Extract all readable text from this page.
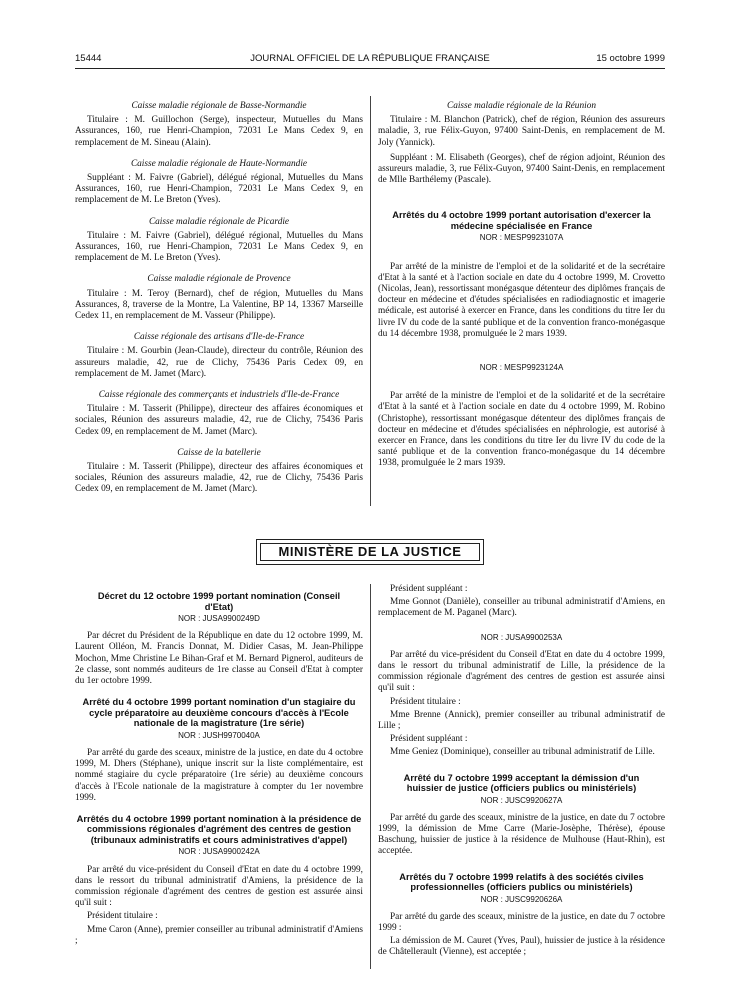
15444	JOURNAL OFFICIEL DE LA RÉPUBLIQUE FRANÇAISE	15 octobre 1999
Caisse maladie régionale de Basse-Normandie

Titulaire : M. Guillochon (Serge), inspecteur, Mutuelles du Mans Assurances, 160, rue Henri-Champion, 72031 Le Mans Cedex 9, en remplacement de M. Sineau (Alain).

Caisse maladie régionale de Haute-Normandie

Suppléant : M. Faivre (Gabriel), délégué régional, Mutuelles du Mans Assurances, 160, rue Henri-Champion, 72031 Le Mans Cedex 9, en remplacement de M. Le Breton (Yves).

Caisse maladie régionale de Picardie

Titulaire : M. Faivre (Gabriel), délégué régional, Mutuelles du Mans Assurances, 160, rue Henri-Champion, 72031 Le Mans Cedex 9, en remplacement de M. Le Breton (Yves).

Caisse maladie régionale de Provence

Titulaire : M. Teroy (Bernard), chef de région, Mutuelles du Mans Assurances, 8, traverse de la Montre, La Valentine, BP 14, 13367 Marseille Cedex 11, en remplacement de M. Vasseur (Philippe).

Caisse régionale des artisans d'Ile-de-France

Titulaire : M. Gourbin (Jean-Claude), directeur du contrôle, Réunion des assureurs maladie, 42, rue de Clichy, 75436 Paris Cedex 09, en remplacement de M. Jamet (Marc).

Caisse régionale des commerçants et industriels d'Ile-de-France

Titulaire : M. Tasserit (Philippe), directeur des affaires économiques et sociales, Réunion des assureurs maladie, 42, rue de Clichy, 75436 Paris Cedex 09, en remplacement de M. Jamet (Marc).

Caisse de la batellerie

Titulaire : M. Tasserit (Philippe), directeur des affaires économiques et sociales, Réunion des assureurs maladie, 42, rue de Clichy, 75436 Paris Cedex 09, en remplacement de M. Jamet (Marc).

Caisse maladie régionale de la Réunion

Titulaire : M. Blanchon (Patrick), chef de région, Réunion des assureurs maladie, 3, rue Félix-Guyon, 97400 Saint-Denis, en remplacement de M. Joly (Yannick).

Suppléant : M. Elisabeth (Georges), chef de région adjoint, Réunion des assureurs maladie, 3, rue Félix-Guyon, 97400 Saint-Denis, en remplacement de Mlle Barthélemy (Pascale).

Arrêtés du 4 octobre 1999 portant autorisation d'exercer la médecine spécialisée en France
NOR : MESP9923107A

Par arrêté de la ministre de l'emploi et de la solidarité et de la secrétaire d'Etat à la santé et à l'action sociale en date du 4 octobre 1999, M. Crovetto (Nicolas, Jean), ressortissant monégasque détenteur des diplômes français de docteur en médecine et d'études spécialisées en radiodiagnostic et imagerie médicale, est autorisé à exercer en France, dans les conditions du titre Ier du livre IV du code de la santé publique et de la convention franco-monégasque du 14 décembre 1938, promulguée le 2 mars 1939.

NOR : MESP9923124A

Par arrêté de la ministre de l'emploi et de la solidarité et de la secrétaire d'Etat à la santé et à l'action sociale en date du 4 octobre 1999, M. Robino (Christophe), ressortissant monégasque détenteur des diplômes français de docteur en médecine et d'études spécialisées en néphrologie, est autorisé à exercer en France, dans les conditions du titre Ier du livre IV du code de la santé publique et de la convention franco-monégasque du 14 décembre 1938, promulguée le 2 mars 1939.

MINISTÈRE DE LA JUSTICE
Décret du 12 octobre 1999 portant nomination (Conseil d'Etat)
NOR : JUSA9900249D

Par décret du Président de la République en date du 12 octobre 1999, M. Laurent Olléon, M. Francis Donnat, M. Didier Casas, M. Jean-Philippe Mochon, Mme Christine Le Bihan-Graf et M. Bernard Pignerol, auditeurs de 2e classe, sont nommés auditeurs de 1re classe au Conseil d'Etat à compter du 1er octobre 1999.

Arrêté du 4 octobre 1999 portant nomination d'un stagiaire du cycle préparatoire au deuxième concours d'accès à l'Ecole nationale de la magistrature (1re série)
NOR : JUSH9970040A

Par arrêté du garde des sceaux, ministre de la justice, en date du 4 octobre 1999, M. Dhers (Stéphane), unique inscrit sur la liste complémentaire, est nommé stagiaire du cycle préparatoire (1re série) au deuxième concours d'accès à l'Ecole nationale de la magistrature à compter du 1er novembre 1999.

Arrêtés du 4 octobre 1999 portant nomination à la présidence de commissions régionales d'agrément des centres de gestion (tribunaux administratifs et cours administratives d'appel)
NOR : JUSA9900242A

Par arrêté du vice-président du Conseil d'Etat en date du 4 octobre 1999, dans le ressort du tribunal administratif d'Amiens, la présidence de la commission régionale d'agrément des centres de gestion est assurée ainsi qu'il suit :

Président titulaire :

Mme Caron (Anne), premier conseiller au tribunal administratif d'Amiens ;

Président suppléant :

Mme Gonnot (Danièle), conseiller au tribunal administratif d'Amiens, en remplacement de M. Paganel (Marc).

NOR : JUSA9900253A

Par arrêté du vice-président du Conseil d'Etat en date du 4 octobre 1999, dans le ressort du tribunal administratif de Lille, la présidence de la commission régionale d'agrément des centres de gestion est assurée ainsi qu'il suit :

Président titulaire :

Mme Brenne (Annick), premier conseiller au tribunal administratif de Lille ;

Président suppléant :

Mme Geniez (Dominique), conseiller au tribunal administratif de Lille.

Arrêté du 7 octobre 1999 acceptant la démission d'un huissier de justice (officiers publics ou ministériels)
NOR : JUSC9920627A

Par arrêté du garde des sceaux, ministre de la justice, en date du 7 octobre 1999, la démission de Mme Carre (Marie-Josèphe, Thérèse), épouse Baschung, huissier de justice à la résidence de Mulhouse (Haut-Rhin), est acceptée.

Arrêtés du 7 octobre 1999 relatifs à des sociétés civiles professionnelles (officiers publics ou ministériels)
NOR : JUSC9920626A

Par arrêté du garde des sceaux, ministre de la justice, en date du 7 octobre 1999 :

La démission de M. Cauret (Yves, Paul), huissier de justice à la résidence de Châtellerault (Vienne), est acceptée ;
